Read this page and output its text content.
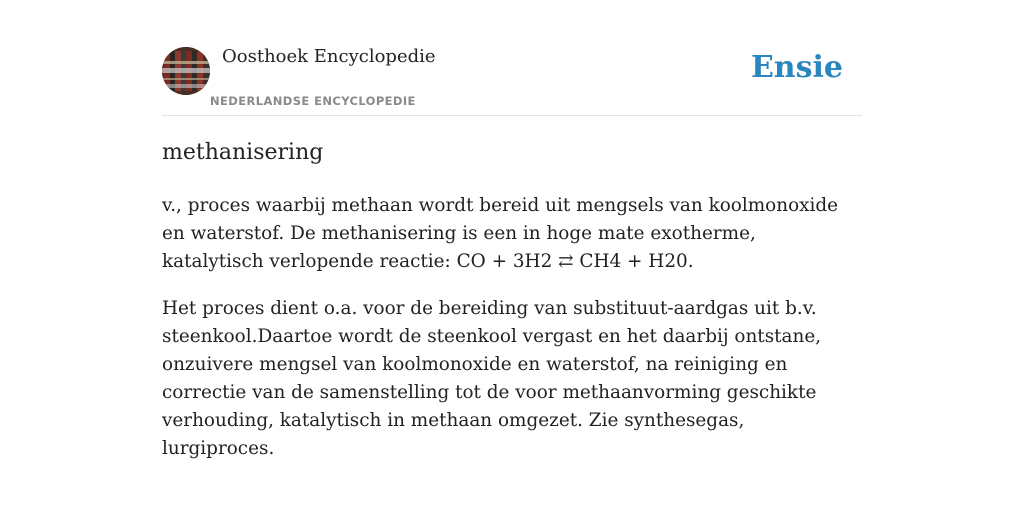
Oosthoek Encyclopedie
NEDERLANDSE ENCYCLOPEDIE
Ensie
methanisering

v., proces waarbij methaan wordt bereid uit mengsels van koolmonoxide en waterstof. De methanisering is een in hoge mate exotherme, katalytisch verlopende reactie: CO + 3H2 ⇄ CH4 + H20.

Het proces dient o.a. voor de bereiding van substituut-aardgas uit b.v. steenkool.Daartoe wordt de steenkool vergast en het daarbij ontstane, onzuivere mengsel van koolmonoxide en waterstof, na reiniging en correctie van de samenstelling tot de voor methaanvorming geschikte verhouding, katalytisch in methaan omgezet. Zie synthesegas, lurgiproces.
